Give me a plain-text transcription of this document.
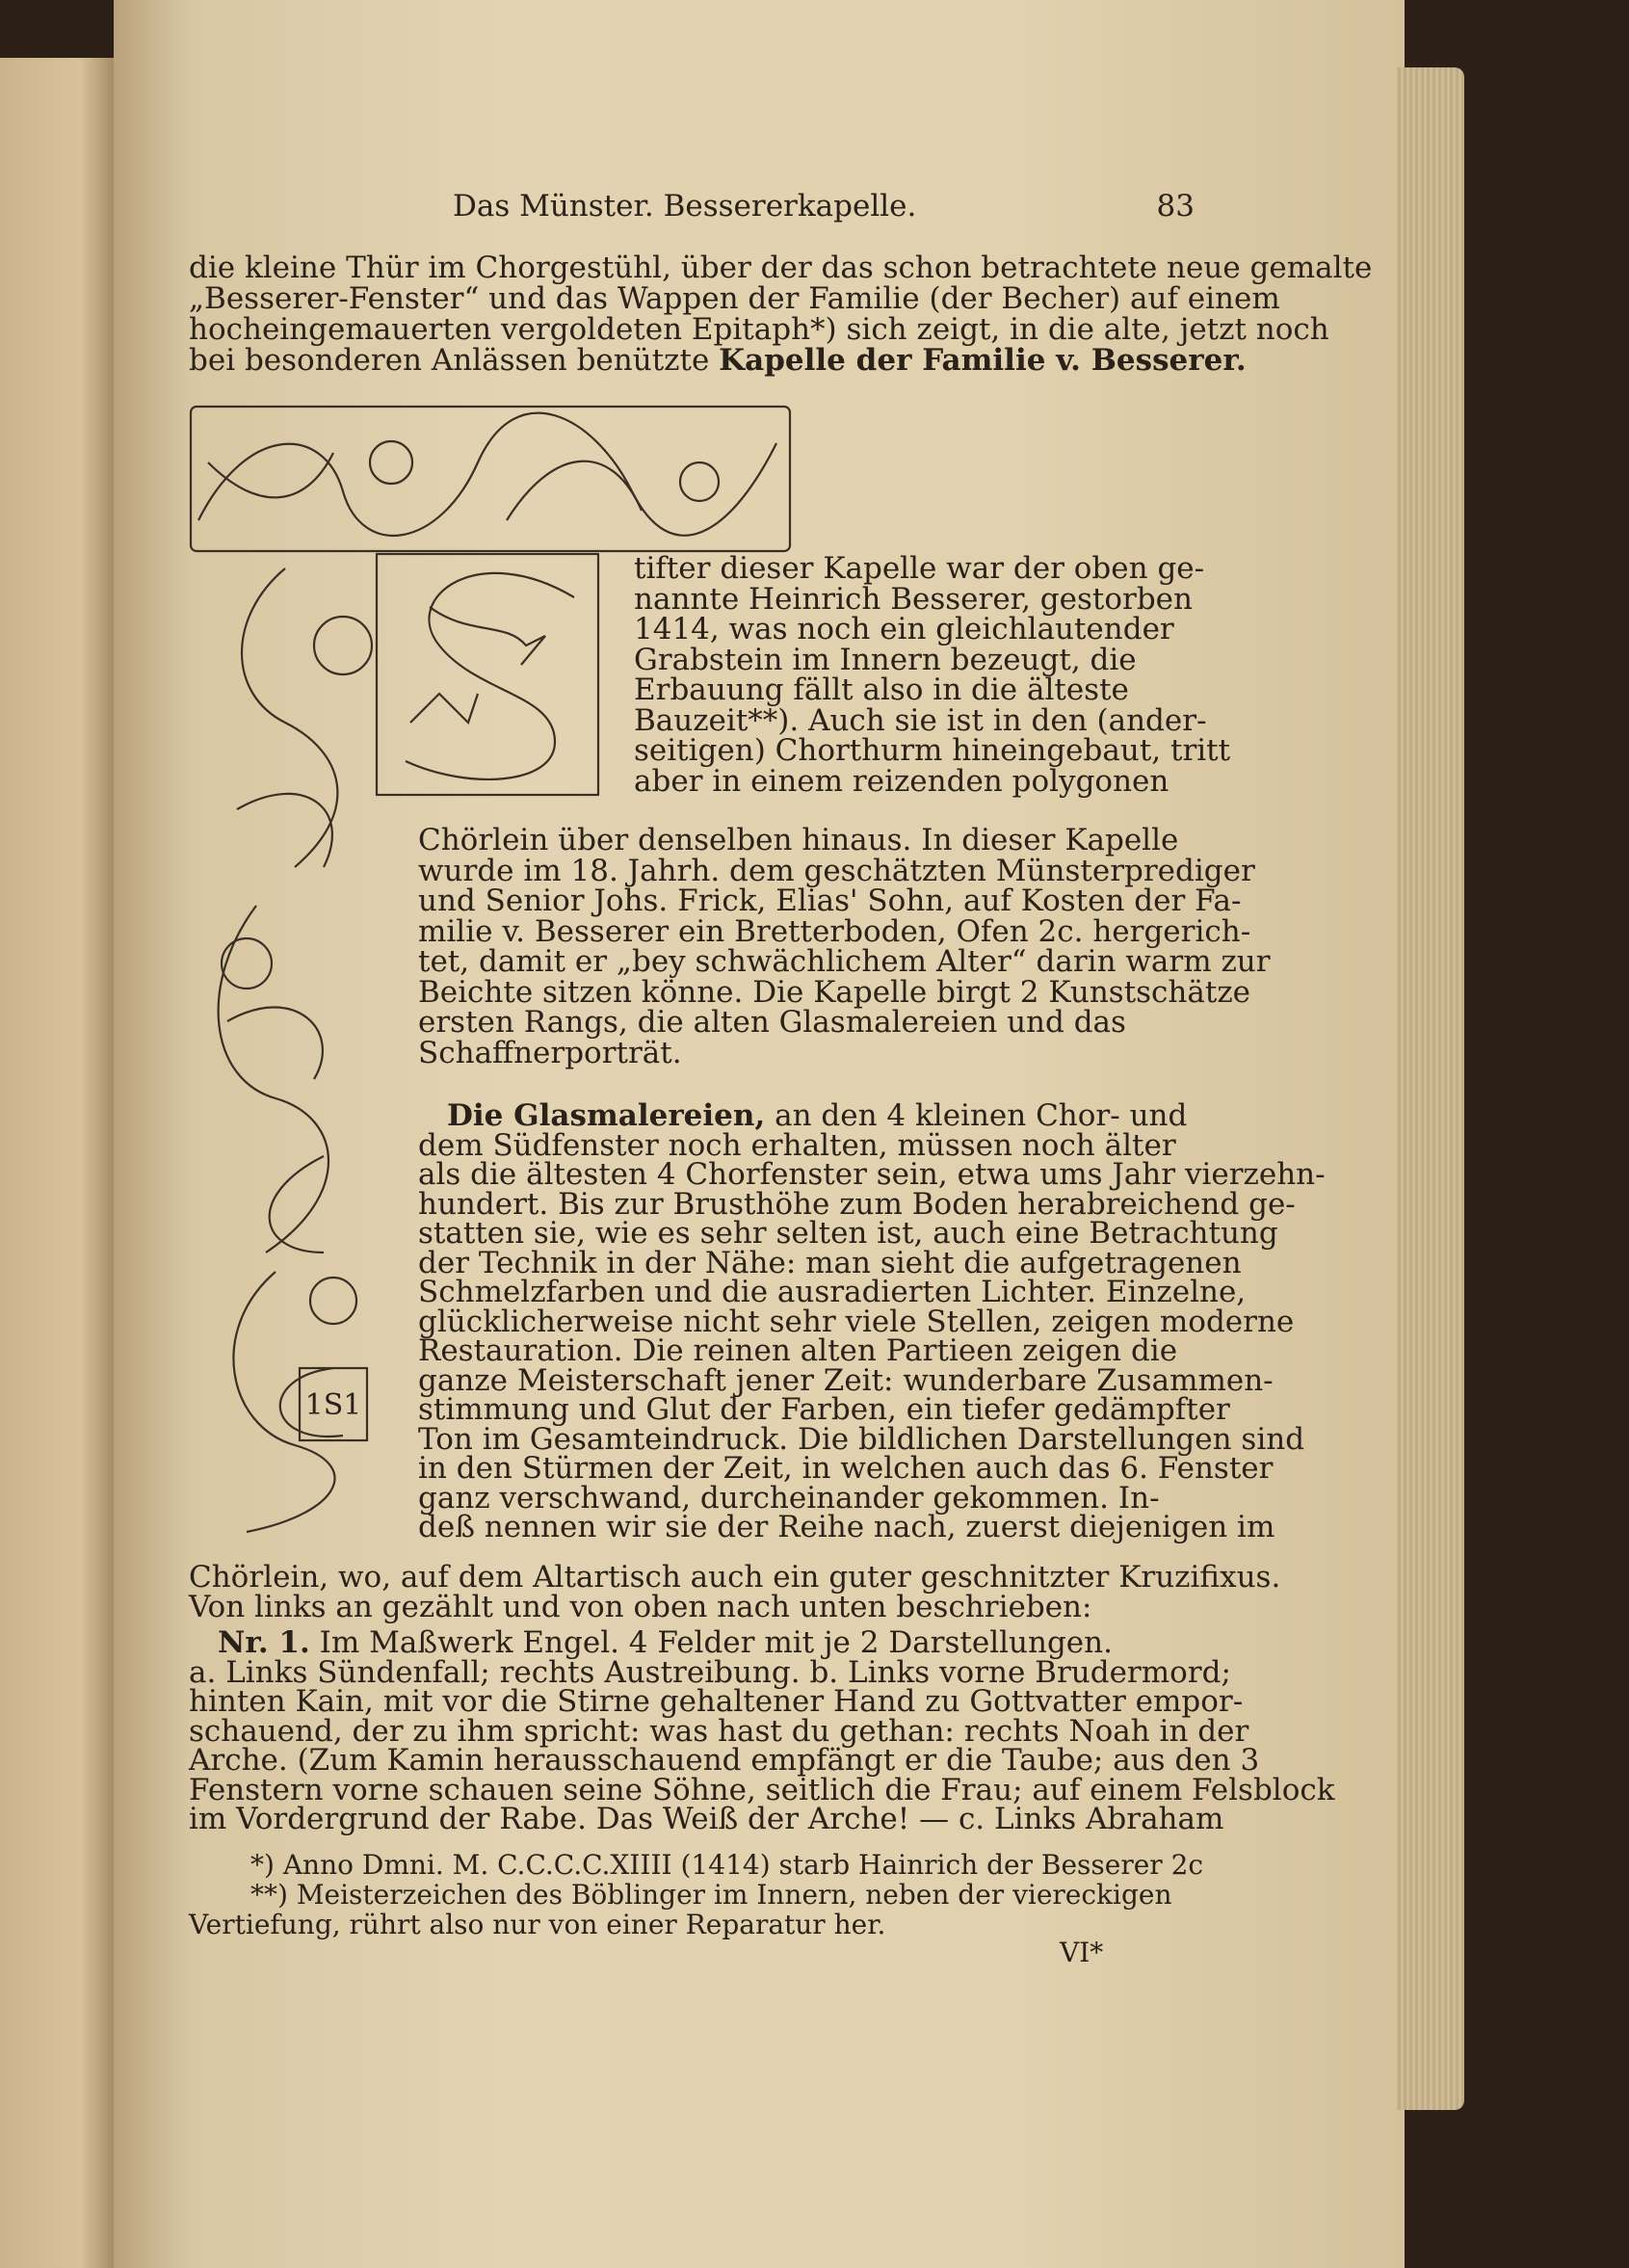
Das Münster. Bessererkapelle.	83

die kleine Thür im Chorgestühl, über der das schon betrachtete neue gemalte

„Besserer-Fenster“ und das Wappen der Familie (der Becher) auf einem

hocheingemauerten vergoldeten Epitaph*) sich zeigt, in die alte, jetzt noch

bei besonderen Anlässen benützte Kapelle der Familie v. Besserer.

1S1

tifter dieser Kapelle war der oben ge-

nannte Heinrich Besserer, gestorben

1414, was noch ein gleichlautender

Grabstein im Innern bezeugt, die

Erbauung fällt also in die älteste

Bauzeit**). Auch sie ist in den (ander-

seitigen) Chorthurm hineingebaut, tritt

aber in einem reizenden polygonen

Chörlein über denselben hinaus. In dieser Kapelle

wurde im 18. Jahrh. dem geschätzten Münsterprediger

und Senior Johs. Frick, Elias' Sohn, auf Kosten der Fa-

milie v. Besserer ein Bretterboden, Ofen 2c. hergerich-

tet, damit er „bey schwächlichem Alter“ darin warm zur

Beichte sitzen könne. Die Kapelle birgt 2 Kunstschätze

ersten Rangs, die alten Glasmalereien und das

Schaffnerporträt.

Die Glasmalereien, an den 4 kleinen Chor- und

dem Südfenster noch erhalten, müssen noch älter

als die ältesten 4 Chorfenster sein, etwa ums Jahr vierzehn-

hundert. Bis zur Brusthöhe zum Boden herabreichend ge-

statten sie, wie es sehr selten ist, auch eine Betrachtung

der Technik in der Nähe: man sieht die aufgetragenen

Schmelzfarben und die ausradierten Lichter. Einzelne,

glücklicherweise nicht sehr viele Stellen, zeigen moderne

Restauration. Die reinen alten Partieen zeigen die

ganze Meisterschaft jener Zeit: wunderbare Zusammen-

stimmung und Glut der Farben, ein tiefer gedämpfter

Ton im Gesamteindruck. Die bildlichen Darstellungen sind

in den Stürmen der Zeit, in welchen auch das 6. Fenster

ganz verschwand, durcheinander gekommen. In-

deß nennen wir sie der Reihe nach, zuerst diejenigen im

Chörlein, wo, auf dem Altartisch auch ein guter geschnitzter Kruzifixus.

Von links an gezählt und von oben nach unten beschrieben:

Nr. 1. Im Maßwerk Engel. 4 Felder mit je 2 Darstellungen.

a. Links Sündenfall; rechts Austreibung. b. Links vorne Brudermord;

hinten Kain, mit vor die Stirne gehaltener Hand zu Gottvatter empor-

schauend, der zu ihm spricht: was hast du gethan: rechts Noah in der

Arche. (Zum Kamin herausschauend empfängt er die Taube; aus den 3

Fenstern vorne schauen seine Söhne, seitlich die Frau; auf einem Felsblock

im Vordergrund der Rabe. Das Weiß der Arche! — c. Links Abraham

*) Anno Dmni. M. C.C.C.C.XIIII (1414) starb Hainrich der Besserer 2c

**) Meisterzeichen des Böblinger im Innern, neben der viereckigen

Vertiefung, rührt also nur von einer Reparatur her.

VI*
